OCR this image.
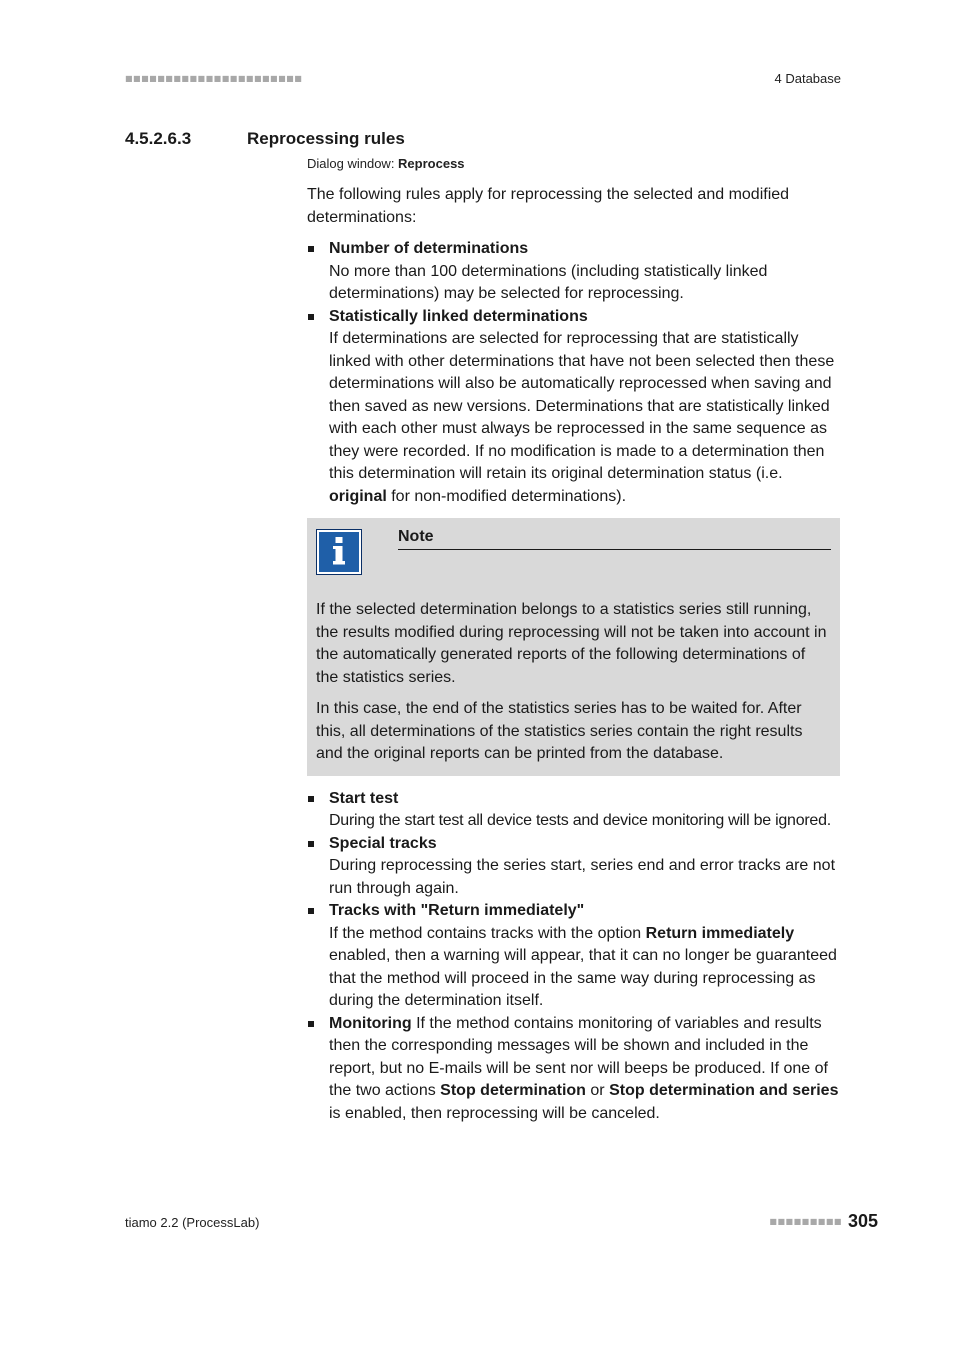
■■■■■■■■■■■■■■■■■■■■■■	4 Database
4.5.2.6.3	Reprocessing rules
Dialog window: Reprocess

The following rules apply for reprocessing the selected and modified determinations:

Number of determinations
No more than 100 determinations (including statistically linked determinations) may be selected for reprocessing.
Statistically linked determinations
If determinations are selected for reprocessing that are statistically linked with other determinations that have not been selected then these determinations will also be automatically reprocessed when saving and then saved as new versions. Determinations that are statistically linked with each other must always be reprocessed in the same sequence as they were recorded. If no modification is made to a determination then this determination will retain its original determination status (i.e. original for non-modified determinations).
Note

If the selected determination belongs to a statistics series still running, the results modified during reprocessing will not be taken into account in the automatically generated reports of the following determinations of the statistics series.

In this case, the end of the statistics series has to be waited for. After this, all determinations of the statistics series contain the right results and the original reports can be printed from the database.

Start test
During the start test all device tests and device monitoring will be ignored.
Special tracks
During reprocessing the series start, series end and error tracks are not run through again.
Tracks with "Return immediately"
If the method contains tracks with the option Return immediately enabled, then a warning will appear, that it can no longer be guaranteed that the method will proceed in the same way during reprocessing as during the determination itself.
Monitoring If the method contains monitoring of variables and results then the corresponding messages will be shown and included in the report, but no E-mails will be sent nor will beeps be produced. If one of the two actions Stop determination or Stop determination and series is enabled, then reprocessing will be canceled.
tiamo 2.2 (ProcessLab)	■■■■■■■■■ 305
